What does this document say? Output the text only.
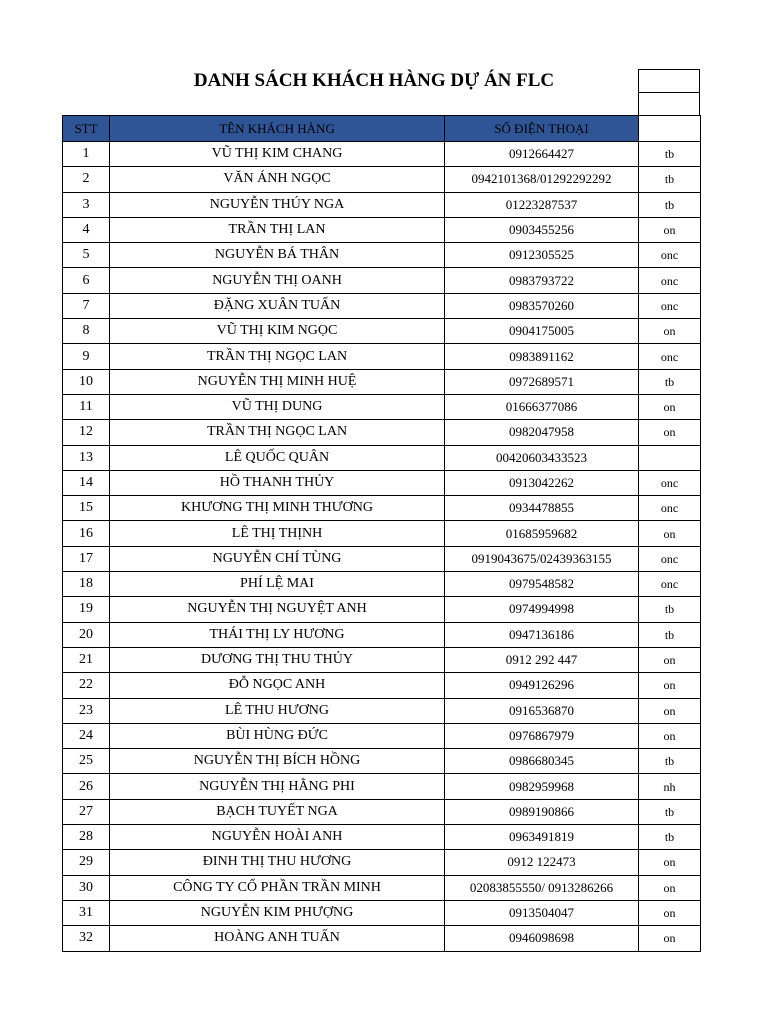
DANH SÁCH KHÁCH HÀNG DỰ ÁN FLC
STT	TÊN KHÁCH HÀNG	SỐ ĐIỆN THOẠI	
1	VŨ THỊ KIM CHANG	0912664427	tb
2	VĂN ÁNH NGỌC	0942101368/01292292292	tb
3	NGUYỄN THÚY NGA	01223287537	tb
4	TRẦN THỊ LAN	0903455256	on
5	NGUYỄN BÁ THÂN	0912305525	onc
6	NGUYỄN THỊ OANH	0983793722	onc
7	ĐẶNG XUÂN TUẤN	0983570260	onc
8	VŨ THỊ KIM NGỌC	0904175005	on
9	TRẦN THỊ NGỌC LAN	0983891162	onc
10	NGUYỄN THỊ MINH HUỆ	0972689571	tb
11	VŨ THỊ DUNG	01666377086	on
12	TRẦN THỊ NGỌC LAN	0982047958	on
13	LÊ QUỐC QUÂN	00420603433523	
14	HỒ THANH THỦY	0913042262	onc
15	KHƯƠNG THỊ MINH THƯƠNG	0934478855	onc
16	LÊ THỊ THỊNH	01685959682	on
17	NGUYỄN CHÍ TÙNG	0919043675/02439363155	onc
18	PHÍ LỆ MAI	0979548582	onc
19	NGUYỄN THỊ NGUYỆT ANH	0974994998	tb
20	THÁI THỊ LY HƯƠNG	0947136186	tb
21	DƯƠNG THỊ THU THỦY	0912 292 447	on
22	ĐỖ NGỌC ANH	0949126296	on
23	LÊ THU HƯƠNG	0916536870	on
24	BÙI HÙNG ĐỨC	0976867979	on
25	NGUYỄN THỊ BÍCH HỒNG	0986680345	tb
26	NGUYỄN THỊ HẰNG PHI	0982959968	nh
27	BẠCH TUYẾT NGA	0989190866	tb
28	NGUYỄN HOÀI ANH	0963491819	tb
29	ĐINH THỊ THU HƯƠNG	0912 122473	on
30	CÔNG TY CỔ PHẦN TRẦN MINH	02083855550/ 0913286266	on
31	NGUYỄN KIM PHƯỢNG	0913504047	on
32	HOÀNG ANH TUẤN	0946098698	on
